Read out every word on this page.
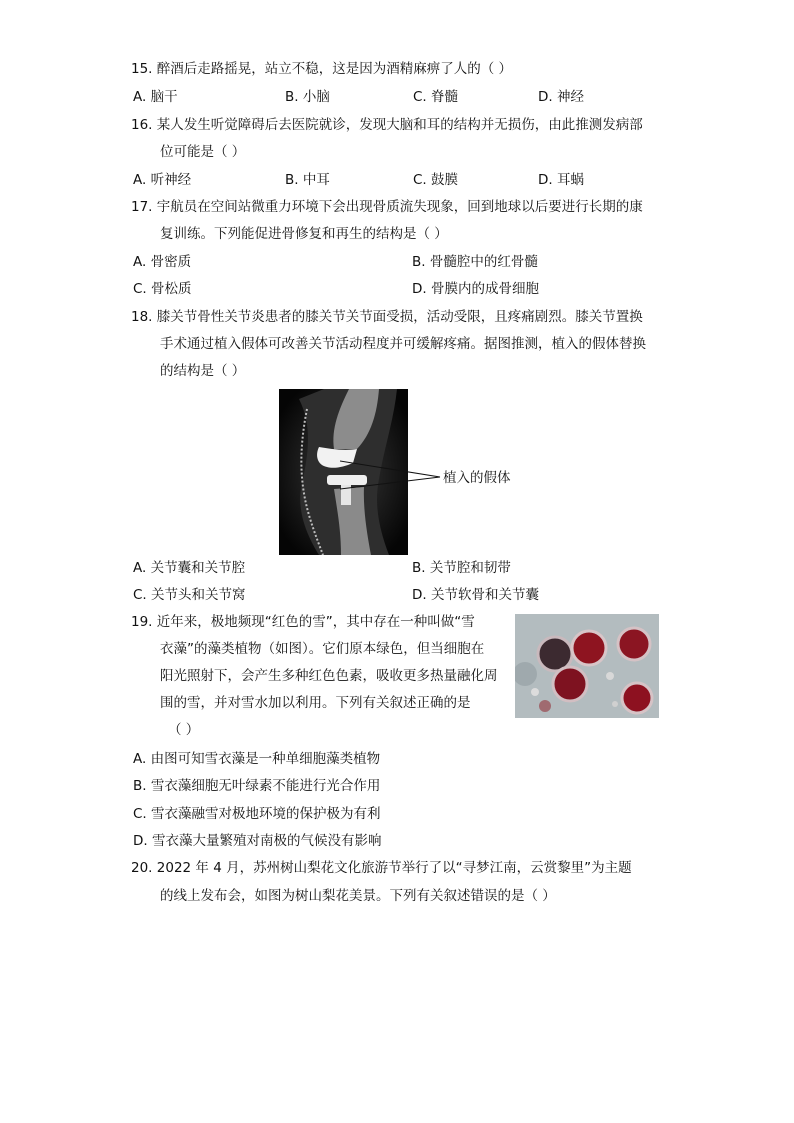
15. 醉酒后走路摇晃，站立不稳，这是因为酒精麻痹了人的（ ）
A. 脑干	B. 小脑	C. 脊髓	D. 神经
16. 某人发生听觉障碍后去医院就诊，发现大脑和耳的结构并无损伤，由此推测发病部
位可能是（ ）
A. 听神经	B. 中耳	C. 鼓膜	D. 耳蜗
17. 宇航员在空间站微重力环境下会出现骨质流失现象，回到地球以后要进行长期的康
复训练。下列能促进骨修复和再生的结构是（ ）
A. 骨密质	B. 骨髓腔中的红骨髓
C. 骨松质	D. 骨膜内的成骨细胞
18. 膝关节骨性关节炎患者的膝关节关节面受损，活动受限，且疼痛剧烈。膝关节置换
手术通过植入假体可改善关节活动程度并可缓解疼痛。据图推测，植入的假体替换
的结构是（ ）
植入的假体
A. 关节囊和关节腔	B. 关节腔和韧带
C. 关节头和关节窝	D. 关节软骨和关节囊
19. 近年来，极地频现“红色的雪”，其中存在一种叫做“雪
衣藻”的藻类植物（如图）。它们原本绿色，但当细胞在
阳光照射下，会产生多种红色色素，吸收更多热量融化周
围的雪，并对雪水加以利用。下列有关叙述正确的是
（ ）
A. 由图可知雪衣藻是一种单细胞藻类植物
B. 雪衣藻细胞无叶绿素不能进行光合作用
C. 雪衣藻融雪对极地环境的保护极为有利
D. 雪衣藻大量繁殖对南极的气候没有影响
20. 2022 年 4 月，苏州树山梨花文化旅游节举行了以“寻梦江南，云赏黎里”为主题
的线上发布会，如图为树山梨花美景。下列有关叙述错误的是（ ）
